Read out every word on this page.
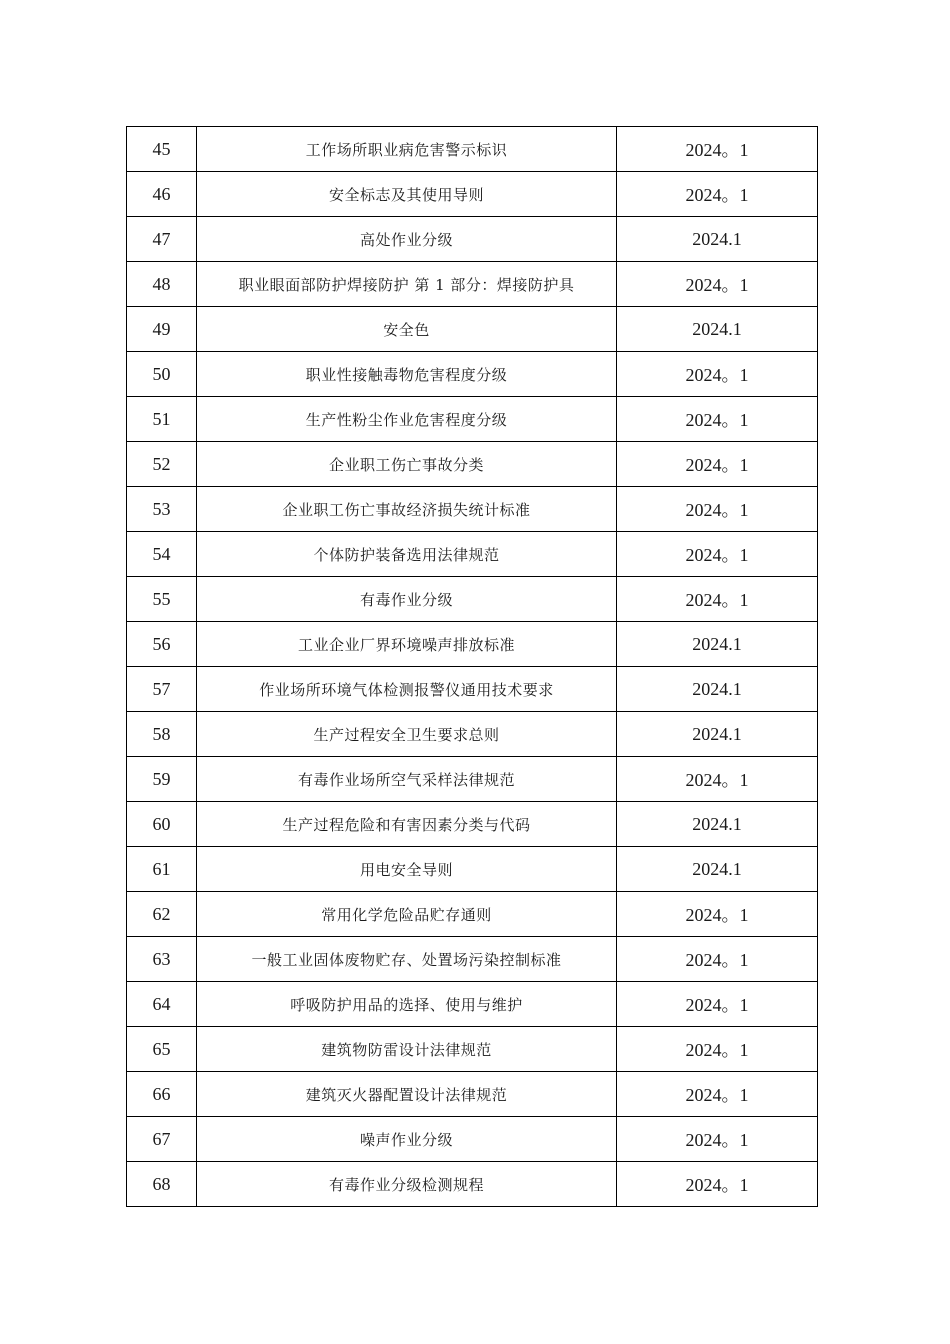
45	工作场所职业病危害警示标识	2024。1
46	安全标志及其使用导则	2024。1
47	高处作业分级	2024.1
48	职业眼面部防护焊接防护 第 1 部分：焊接防护具	2024。1
49	安全色	2024.1
50	职业性接触毒物危害程度分级	2024。1
51	生产性粉尘作业危害程度分级	2024。1
52	企业职工伤亡事故分类	2024。1
53	企业职工伤亡事故经济损失统计标准	2024。1
54	个体防护装备选用法律规范	2024。1
55	有毒作业分级	2024。1
56	工业企业厂界环境噪声排放标准	2024.1
57	作业场所环境气体检测报警仪通用技术要求	2024.1
58	生产过程安全卫生要求总则	2024.1
59	有毒作业场所空气采样法律规范	2024。1
60	生产过程危险和有害因素分类与代码	2024.1
61	用电安全导则	2024.1
62	常用化学危险品贮存通则	2024。1
63	一般工业固体废物贮存、处置场污染控制标准	2024。1
64	呼吸防护用品的选择、使用与维护	2024。1
65	建筑物防雷设计法律规范	2024。1
66	建筑灭火器配置设计法律规范	2024。1
67	噪声作业分级	2024。1
68	有毒作业分级检测规程	2024。1
